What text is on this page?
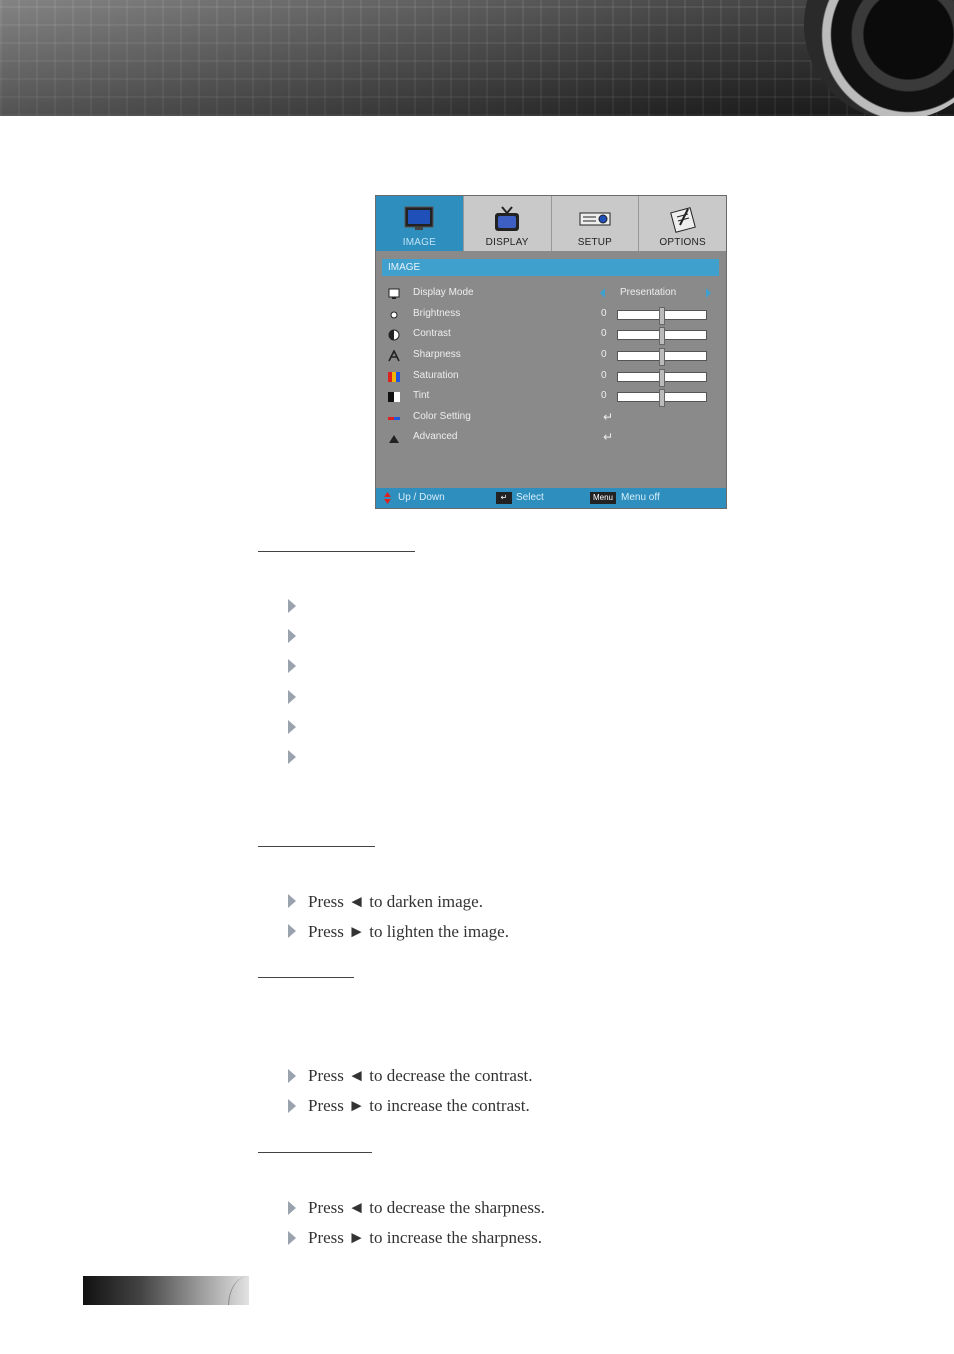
IMAGE	DISPLAY	SETUP	OPTIONS
IMAGE
Display Mode	Presentation
Brightness	0
Contrast	0
Sharpness	0
Saturation	0
Tint	0
Color Setting	↵
Advanced	↵
Up / Down	↵ Select	Menu Menu off
Press ◄ to darken image.
Press ► to lighten the image.
Press ◄ to decrease the contrast.
Press ► to increase the contrast.
Press ◄ to decrease the sharpness.
Press ► to increase the sharpness.
